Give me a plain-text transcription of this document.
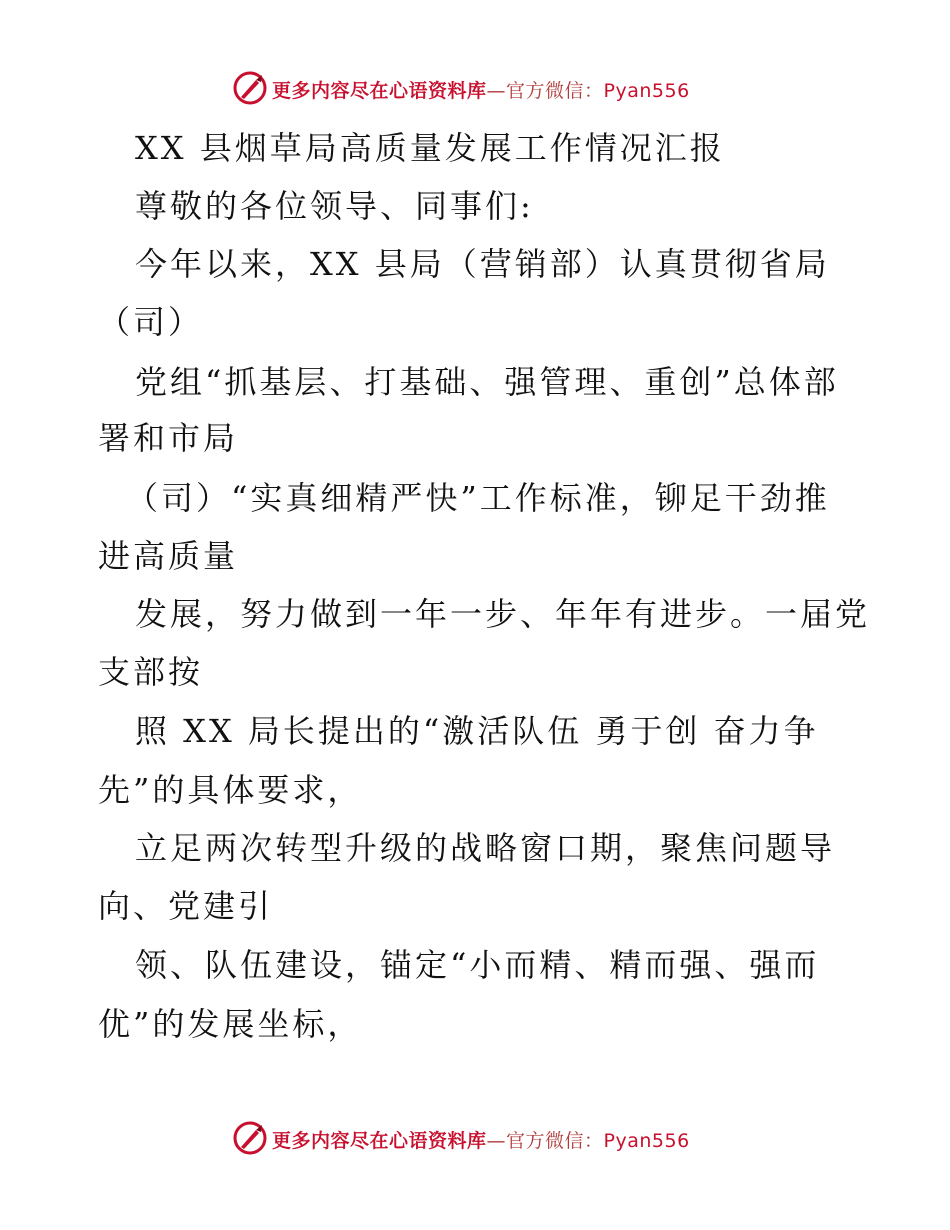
更多内容尽在心语资料库—官方微信：Pyan556
XX 县烟草局高质量发展工作情况汇报
尊敬的各位领导、同事们:
今年以来，XX 县局（营销部）认真贯彻省局
（司）
党组“抓基层、打基础、强管理、重创”总体部
署和市局
（司）“实真细精严快”工作标准，铆足干劲推
进高质量
发展，努力做到一年一步、年年有进步。一届党
支部按
照 XX 局长提出的“激活队伍 勇于创 奋力争
先”的具体要求，
立足两次转型升级的战略窗口期，聚焦问题导
向、党建引
领、队伍建设，锚定“小而精、精而强、强而
优”的发展坐标，
更多内容尽在心语资料库—官方微信：Pyan556
